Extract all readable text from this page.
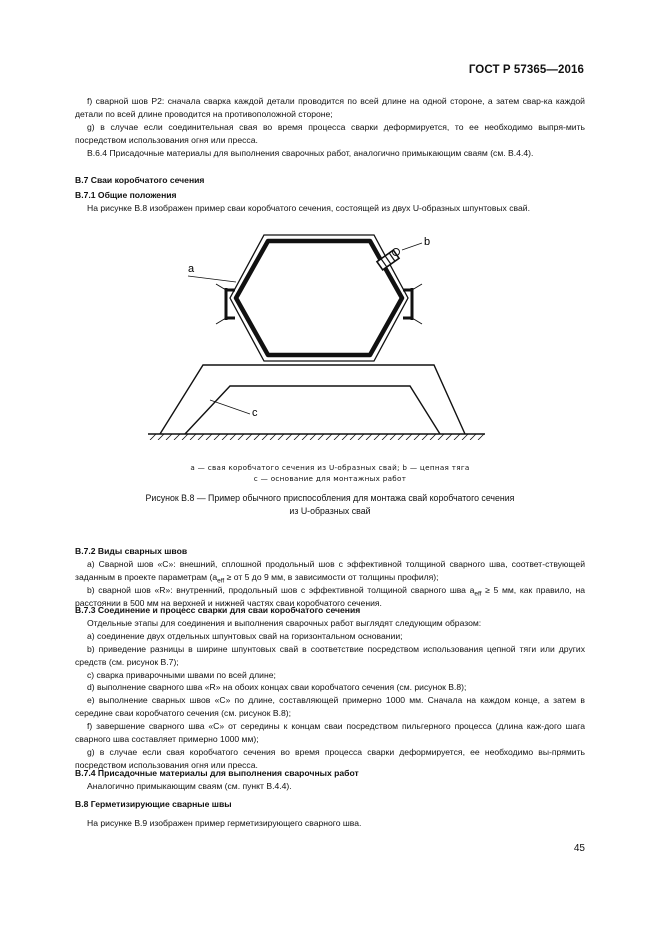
ГОСТ Р 57365—2016

f) сварной шов P2: сначала сварка каждой детали проводится по всей длине на одной стороне, а затем свар-ка каждой детали по всей длине проводится на противоположной стороне;

g) в случае если соединительная свая во время процесса сварки деформируется, то ее необходимо выпря-мить посредством использования огня или пресса.

В.6.4 Присадочные материалы для выполнения сварочных работ, аналогично примыкающим сваям (см. В.4.4).

В.7 Сваи коробчатого сечения

В.7.1 Общие положения

На рисунке В.8 изображен пример сваи коробчатого сечения, состоящей из двух U-образных шпунтовых свай.

a
b
c
a — свая коробчатого сечения из U-образных свай; b — цепная тяга
c — основание для монтажных работ
Рисунок В.8 — Пример обычного приспособления для монтажа свай коробчатого сечения
из U-образных свай

В.7.2 Виды сварных швов

a) Сварной шов «C»: внешний, сплошной продольный шов с эффективной толщиной сварного шва, соответ-ствующей заданным в проекте параметрам ($a_{eff}$ ≥ от 5 до 9 мм, в зависимости от толщины профиля);

b) сварной шов «R»: внутренний, продольный шов с эффективной толщиной сварного шва $a_{eff} \ge 5$ мм, как правило, на расстоянии в 500 мм на верхней и нижней частях сваи коробчатого сечения.

В.7.3 Соединение и процесс сварки для сваи коробчатого сечения

Отдельные этапы для соединения и выполнения сварочных работ выглядят следующим образом:

a) соединение двух отдельных шпунтовых свай на горизонтальном основании;

b) приведение разницы в ширине шпунтовых свай в соответствие посредством использования цепной тяги или других средств (см. рисунок В.7);

c) сварка приварочными швами по всей длине;

d) выполнение сварного шва «R» на обоих концах сваи коробчатого сечения (см. рисунок В.8);

e) выполнение сварных швов «C» по длине, составляющей примерно 1000 мм. Сначала на каждом конце, а затем в середине сваи коробчатого сечения (см. рисунок В.8);

f) завершение сварного шва «C» от середины к концам сваи посредством пильгерного процесса (длина каж-дого шага сварного шва составляет примерно 1000 мм);

g) в случае если свая коробчатого сечения во время процесса сварки деформируется, ее необходимо вы-прямить посредством использования огня или пресса.

В.7.4 Присадочные материалы для выполнения сварочных работ

Аналогично примыкающим сваям (см. пункт В.4.4).

В.8 Герметизирующие сварные швы

На рисунке В.9 изображен пример герметизирующего сварного шва.

45
